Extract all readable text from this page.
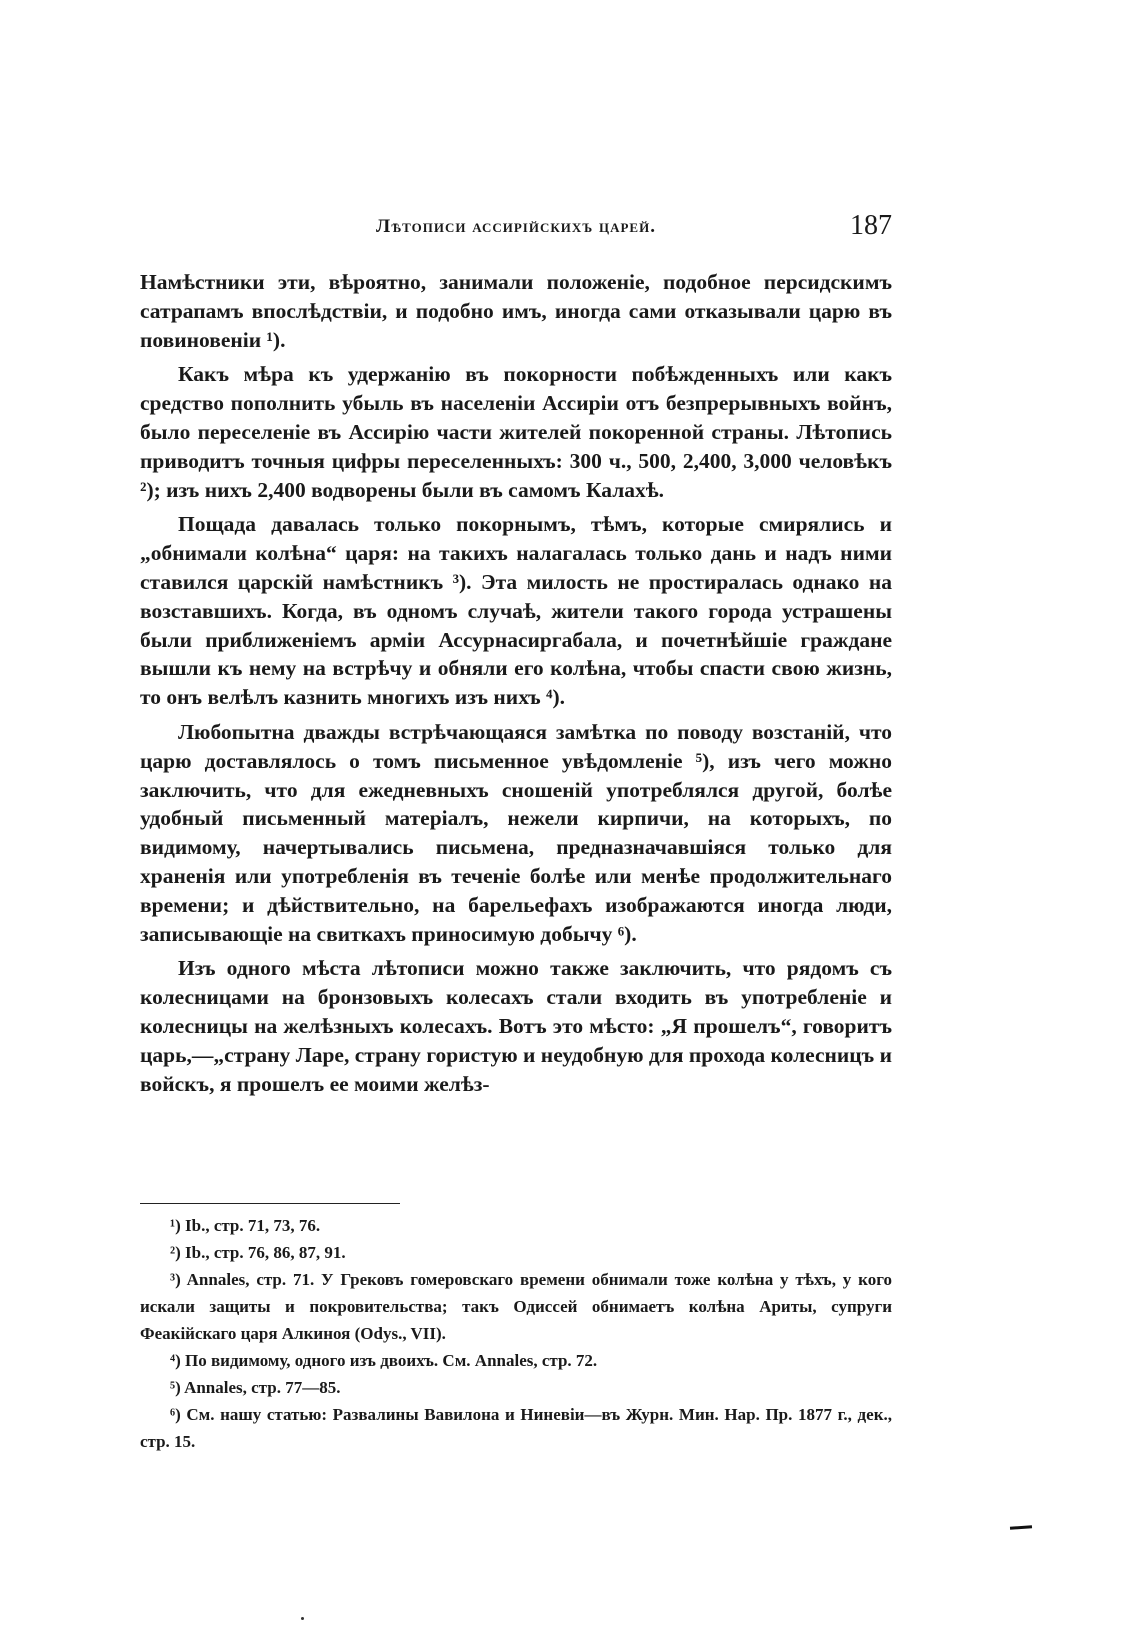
Лѣтописи ассирійскихъ царей.	187

Намѣстники эти, вѣроятно, занимали положеніе, подобное персидскимъ сатрапамъ впослѣдствіи, и подобно имъ, иногда сами отказывали царю въ повиновеніи ¹).

Какъ мѣра къ удержанію въ покорности побѣжденныхъ или какъ средство пополнить убыль въ населеніи Ассиріи отъ безпрерывныхъ войнъ, было переселеніе въ Ассирію части жителей покоренной страны. Лѣтопись приводитъ точныя цифры переселенныхъ: 300 ч., 500, 2,400, 3,000 человѣкъ ²); изъ нихъ 2,400 водворены были въ самомъ Калахѣ.

Пощада давалась только покорнымъ, тѣмъ, которые смирялись и „обнимали колѣна“ царя: на такихъ налагалась только дань и надъ ними ставился царскій намѣстникъ ³). Эта милость не простиралась однако на возставшихъ. Когда, въ одномъ случаѣ, жители такого города устрашены были приближеніемъ арміи Ассурнасиргабала, и почетнѣйшіе граждане вышли къ нему на встрѣчу и обняли его колѣна, чтобы спасти свою жизнь, то онъ велѣлъ казнить многихъ изъ нихъ ⁴).

Любопытна дважды встрѣчающаяся замѣтка по поводу возстаній, что царю доставлялось о томъ письменное увѣдомленіе ⁵), изъ чего можно заключить, что для ежедневныхъ сношеній употреблялся другой, болѣе удобный письменный матеріалъ, нежели кирпичи, на которыхъ, по видимому, начертывались письмена, предназначавшіяся только для храненія или употребленія въ теченіе болѣе или менѣе продолжительнаго времени; и дѣйствительно, на барельефахъ изображаются иногда люди, записывающіе на свиткахъ приносимую добычу ⁶).

Изъ одного мѣста лѣтописи можно также заключить, что рядомъ съ колесницами на бронзовыхъ колесахъ стали входить въ употребленіе и колесницы на желѣзныхъ колесахъ. Вотъ это мѣсто: „Я прошелъ“, говоритъ царь,—„страну Ларе, страну гористую и неудобную для прохода колесницъ и войскъ, я прошелъ ее моими желѣз-

¹) Ib., стр. 71, 73, 76.
²) Ib., стр. 76, 86, 87, 91.
³) Annales, стр. 71. У Грековъ гомеровскаго времени обнимали тоже колѣна у тѣхъ, у кого искали защиты и покровительства; такъ Одиссей обнимаетъ колѣна Ариты, супруги Феакійскаго царя Алкиноя (Odys., VII).
⁴) По видимому, одного изъ двоихъ. См. Annales, стр. 72.
⁵) Annales, стр. 77—85.
⁶) См. нашу статью: Развалины Вавилона и Нинeвіи—въ Журн. Мин. Нар. Пр. 1877 г., дек., стр. 15.
